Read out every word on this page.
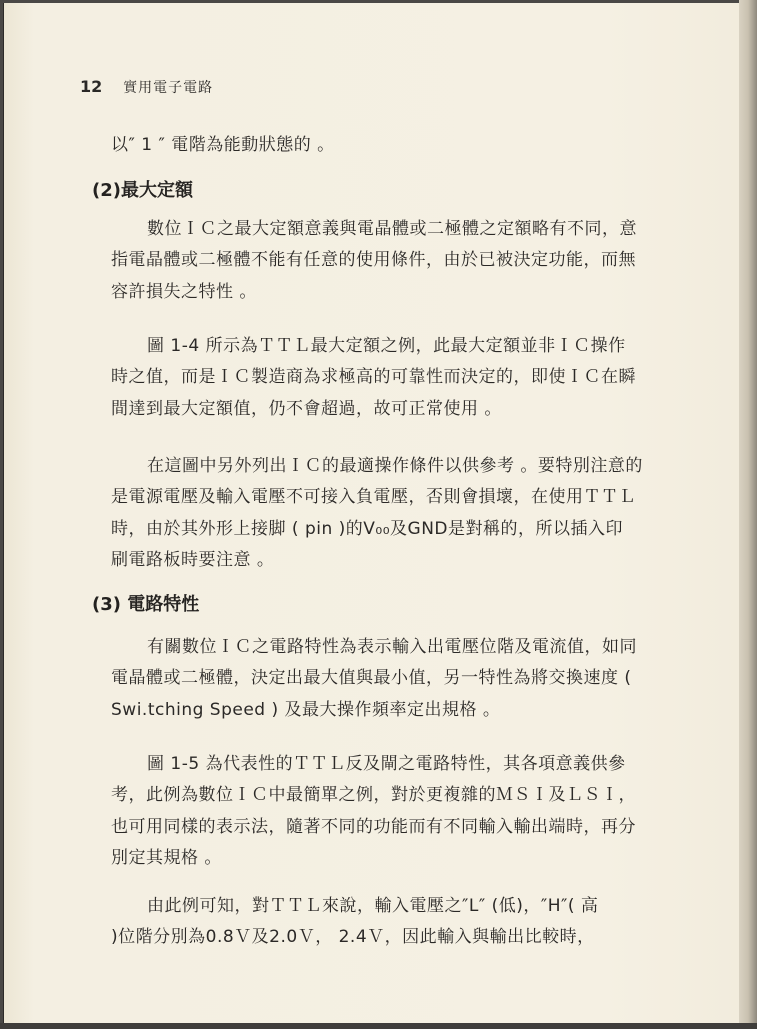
12 實用電子電路
以″ 1 ″ 電階為能動狀態的 。
(2)最大定額
數位ＩＣ之最大定額意義與電晶體或二極體之定額略有不同，意
指電晶體或二極體不能有任意的使用條件，由於已被決定功能，而無
容許損失之特性 。
圖 1-4 所示為ＴＴＬ最大定額之例，此最大定額並非ＩＣ操作
時之值，而是ＩＣ製造商為求極高的可靠性而決定的，即使ＩＣ在瞬
間達到最大定額值，仍不會超過，故可正常使用 。
在這圖中另外列出ＩＣ的最適操作條件以供參考 。要特別注意的
是電源電壓及輸入電壓不可接入負電壓，否則會損壞，在使用ＴＴＬ
時，由於其外形上接脚 ( pin )的V₀₀及GND是對稱的，所以插入印
刷電路板時要注意 。
(3) 電路特性
有關數位ＩＣ之電路特性為表示輸入出電壓位階及電流值，如同
電晶體或二極體，決定出最大值與最小值，另一特性為將交換速度 (
Swi.tching Speed ) 及最大操作頻率定出規格 。
圖 1-5 為代表性的ＴＴＬ反及閘之電路特性，其各項意義供參
考，此例為數位ＩＣ中最簡單之例，對於更複雜的ＭＳＩ及ＬＳＩ，
也可用同樣的表示法，隨著不同的功能而有不同輸入輸出端時，再分
別定其規格 。
由此例可知，對ＴＴＬ來說，輸入電壓之″L″ (低)，″H″( 高
)位階分別為0.8Ｖ及2.0Ｖ， 2.4Ｖ，因此輸入與輸出比較時，
